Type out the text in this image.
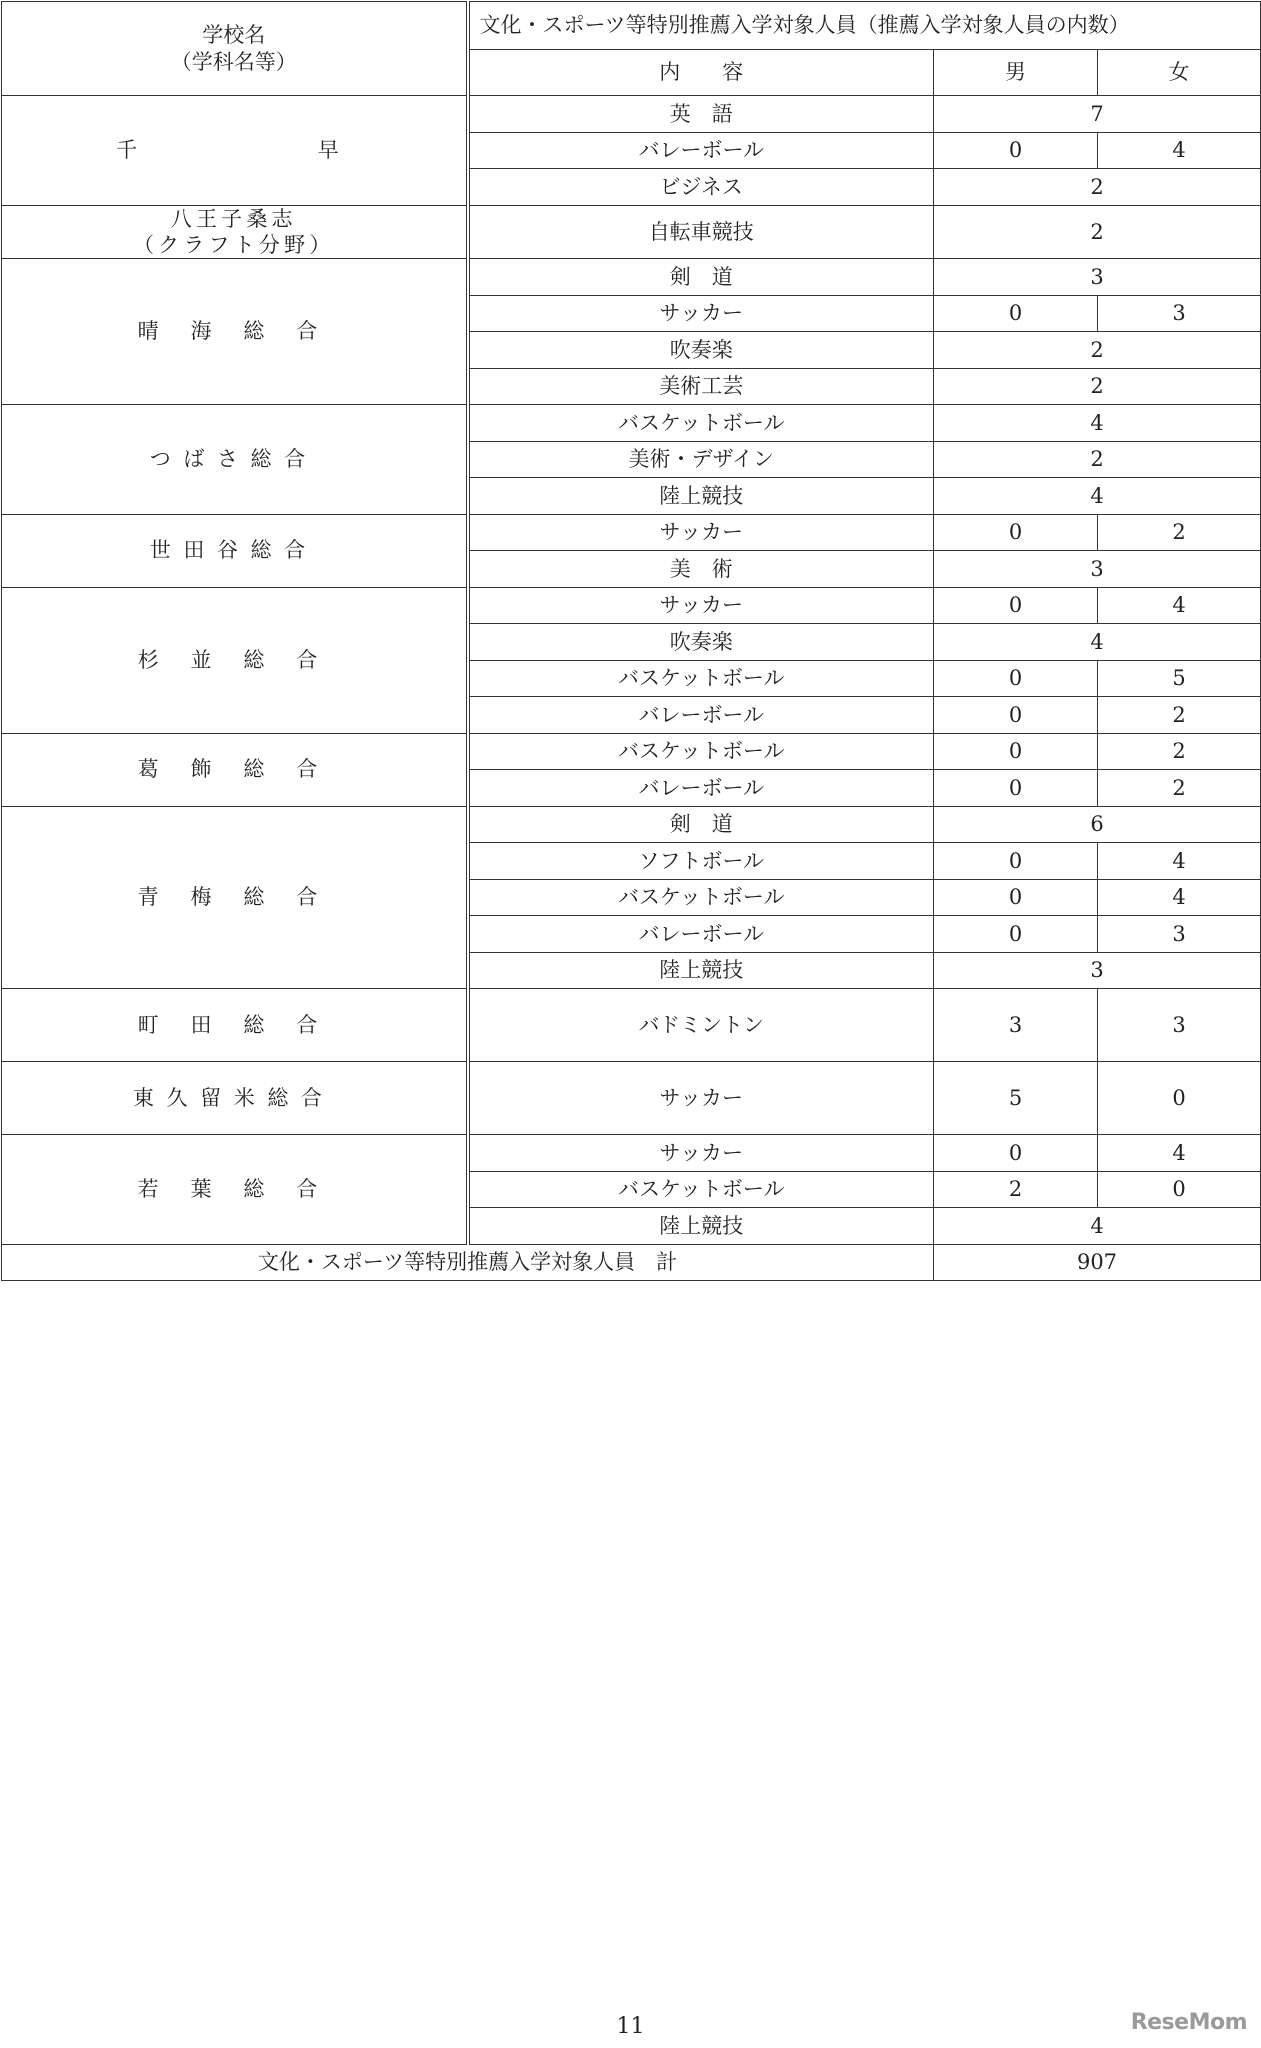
学校名
（学科名等）	文化・スポーツ等特別推薦入学対象人員（推薦入学対象人員の内数）		
	内　　容	男	女

千　　　　　早	英　語	7	
	バレーボール	0	4
	ビジネス	2	

八王子桑志
（クラフト分野）	自転車競技	2	

晴 海 総 合	剣　道	3	
	サッカー	0	3
	吹奏楽	2	
	美術工芸	2	

つばさ総合	バスケットボール	4	
	美術・デザイン	2	
	陸上競技	4	

世田谷総合	サッカー	0	2
	美　術	3	

杉 並 総 合	サッカー	0	4
	吹奏楽	4	
	バスケットボール	0	5
	バレーボール	0	2

葛 飾 総 合	バスケットボール	0	2
	バレーボール	0	2

青 梅 総 合	剣　道	6	
	ソフトボール	0	4
	バスケットボール	0	4
	バレーボール	0	3
	陸上競技	3	

町 田 総 合	バドミントン	3	3

東久留米総合	サッカー	5	0

若 葉 総 合	サッカー	0	4
	バスケットボール	2	0
	陸上競技	4	
文化・スポーツ等特別推薦入学対象人員　計		907	
11	ReseMom
